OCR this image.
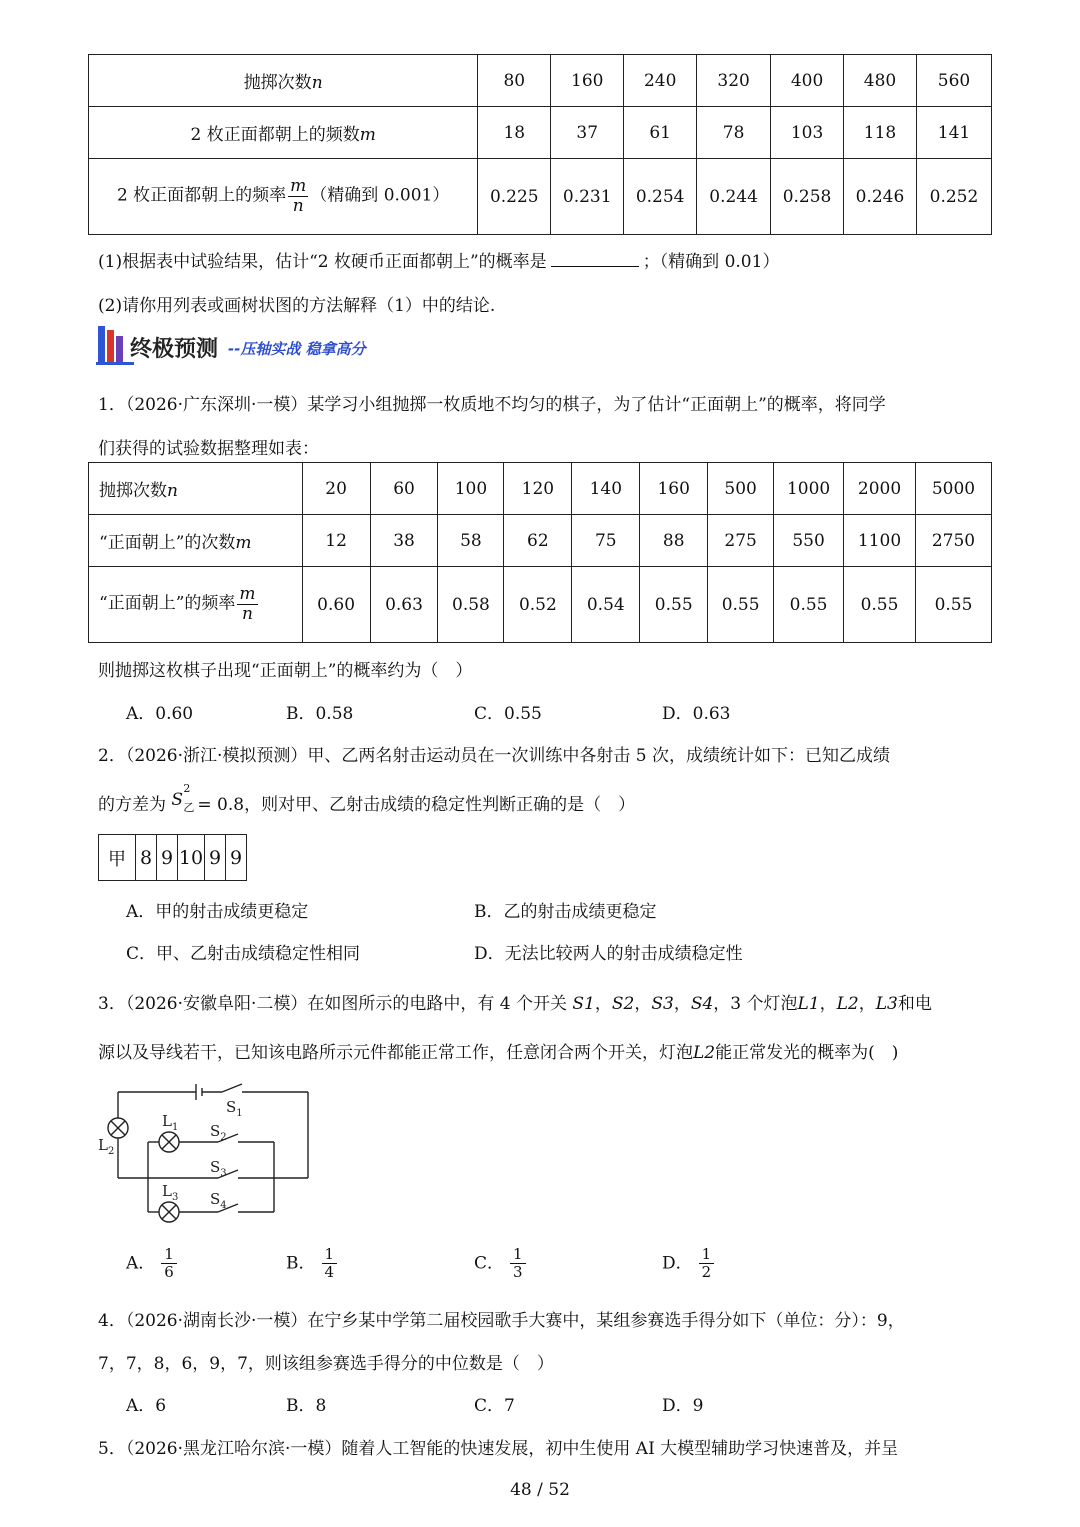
抛掷次数n	80	160	240	320	400	480	560
2 枚正面都朝上的频数m	18	37	61	78	103	118	141
2 枚正面都朝上的频率 $\frac{m}{n}$ （精确到 0.001）	0.225	0.231	0.254	0.244	0.258	0.246	0.252
(1)根据表中试验结果，估计“2 枚硬币正面都朝上”的概率是	；（精确到 0.01）
(2)请你用列表或画树状图的方法解释（1）中的结论.
终极预测 --压轴实战 稳拿高分
1．（2026·广东深圳·一模）某学习小组抛掷一枚质地不均匀的棋子，为了估计“正面朝上”的概率，将同学
们获得的试验数据整理如表：
抛掷次数n	20	60	100	120	140	160	500	1000	2000	5000
“正面朝上”的次数m	12	38	58	62	75	88	275	550	1100	2750
“正面朝上”的频率 $\frac{m}{n}$	0.60	0.63	0.58	0.52	0.54	0.55	0.55	0.55	0.55	0.55
则抛掷这枚棋子出现“正面朝上”的概率约为（　）
A．0.60	B．0.58	C．0.55	D．0.63
2．（2026·浙江·模拟预测）甲、乙两名射击运动员在一次训练中各射击 5 次，成绩统计如下：已知乙成绩
的方差为 S
2
乙 = 0.8，则对甲、乙射击成绩的稳定性判断正确的是（　）
甲	8	9	10	9	9
A．甲的射击成绩更稳定	B．乙的射击成绩更稳定
C．甲、乙射击成绩稳定性相同	D．无法比较两人的射击成绩稳定性
3．（2026·安徽阜阳·二模）在如图所示的电路中，有 4 个开关 S1，S2，S3，S4，3 个灯泡L1，L2，L3和电
源以及导线若干，已知该电路所示元件都能正常工作，任意闭合两个开关，灯泡L2能正常发光的概率为(　)
$S_1$
$L_2$
$L_1$ $S_2$
$S_3$
$L_3$ $S_4$
A． $\frac{1}{6}$	B． $\frac{1}{4}$	C． $\frac{1}{3}$	D． $\frac{1}{2}$
4．（2026·湖南长沙·一模）在宁乡某中学第二届校园歌手大赛中，某组参赛选手得分如下（单位：分）：9，
7，7，8，6，9，7，则该组参赛选手得分的中位数是（　）
A．6	B．8	C．7	D．9
5．（2026·黑龙江哈尔滨·一模）随着人工智能的快速发展，初中生使用 AI 大模型辅助学习快速普及，并呈
48 / 52
